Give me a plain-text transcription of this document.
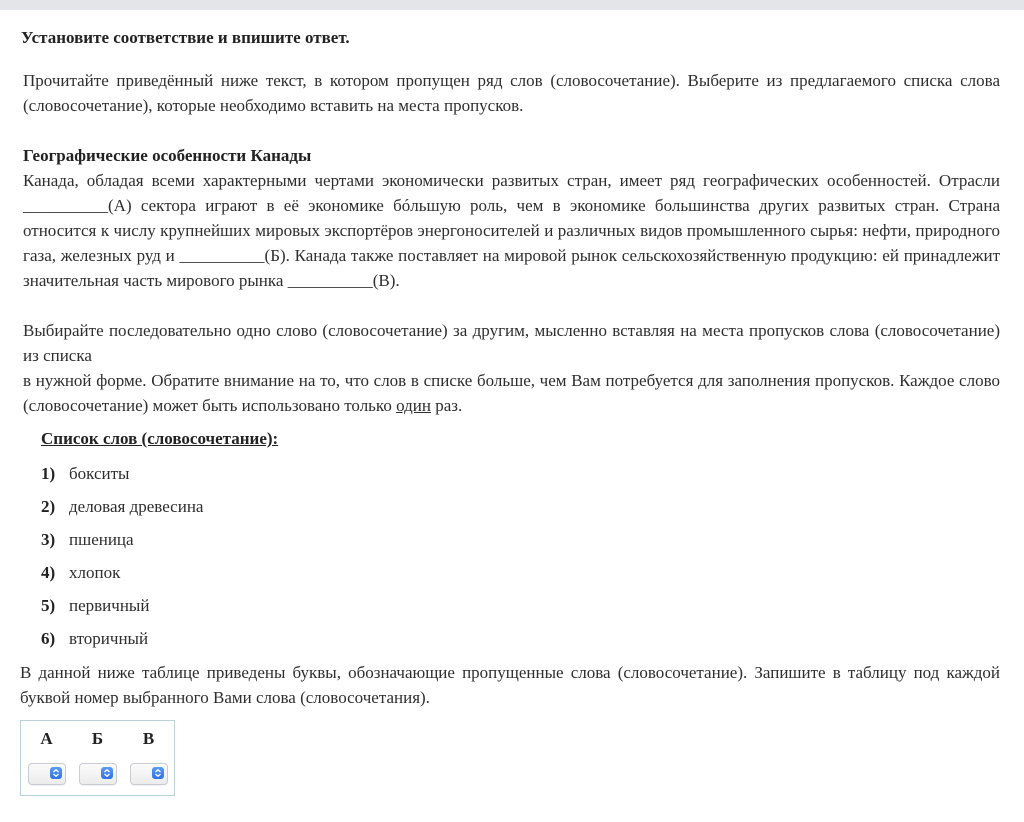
Установите соответствие и впишите ответ.
Прочитайте приведённый ниже текст, в котором пропущен ряд слов (словосочетание). Выберите из предлагаемого списка слова (словосочетание), которые необходимо вставить на места пропусков.
Географические особенности Канады
Канада, обладая всеми характерными чертами экономически развитых стран, имеет ряд географических особенностей. Отрасли __________(А) сектора играют в её экономике бóльшую роль, чем в экономике большинства других развитых стран. Страна относится к числу крупнейших мировых экспортёров энергоносителей и различных видов промышленного сырья: нефти, природного газа, железных руд и __________(Б). Канада также поставляет на мировой рынок сельскохозяйственную продукцию: ей принадлежит значительная часть мирового рынка __________(В).
Выбирайте последовательно одно слово (словосочетание) за другим, мысленно вставляя на места пропусков слова (словосочетание) из списка
в нужной форме. Обратите внимание на то, что слов в списке больше, чем Вам потребуется для заполнения пропусков. Каждое слово (словосочетание) может быть использовано только один раз.
Список слов (словосочетание):
1) бокситы
2) деловая древесина
3) пшеница
4) хлопок
5) первичный
6) вторичный
В данной ниже таблице приведены буквы, обозначающие пропущенные слова (словосочетание). Запишите в таблицу под каждой буквой номер выбранного Вами слова (словосочетания).
А	Б	В
